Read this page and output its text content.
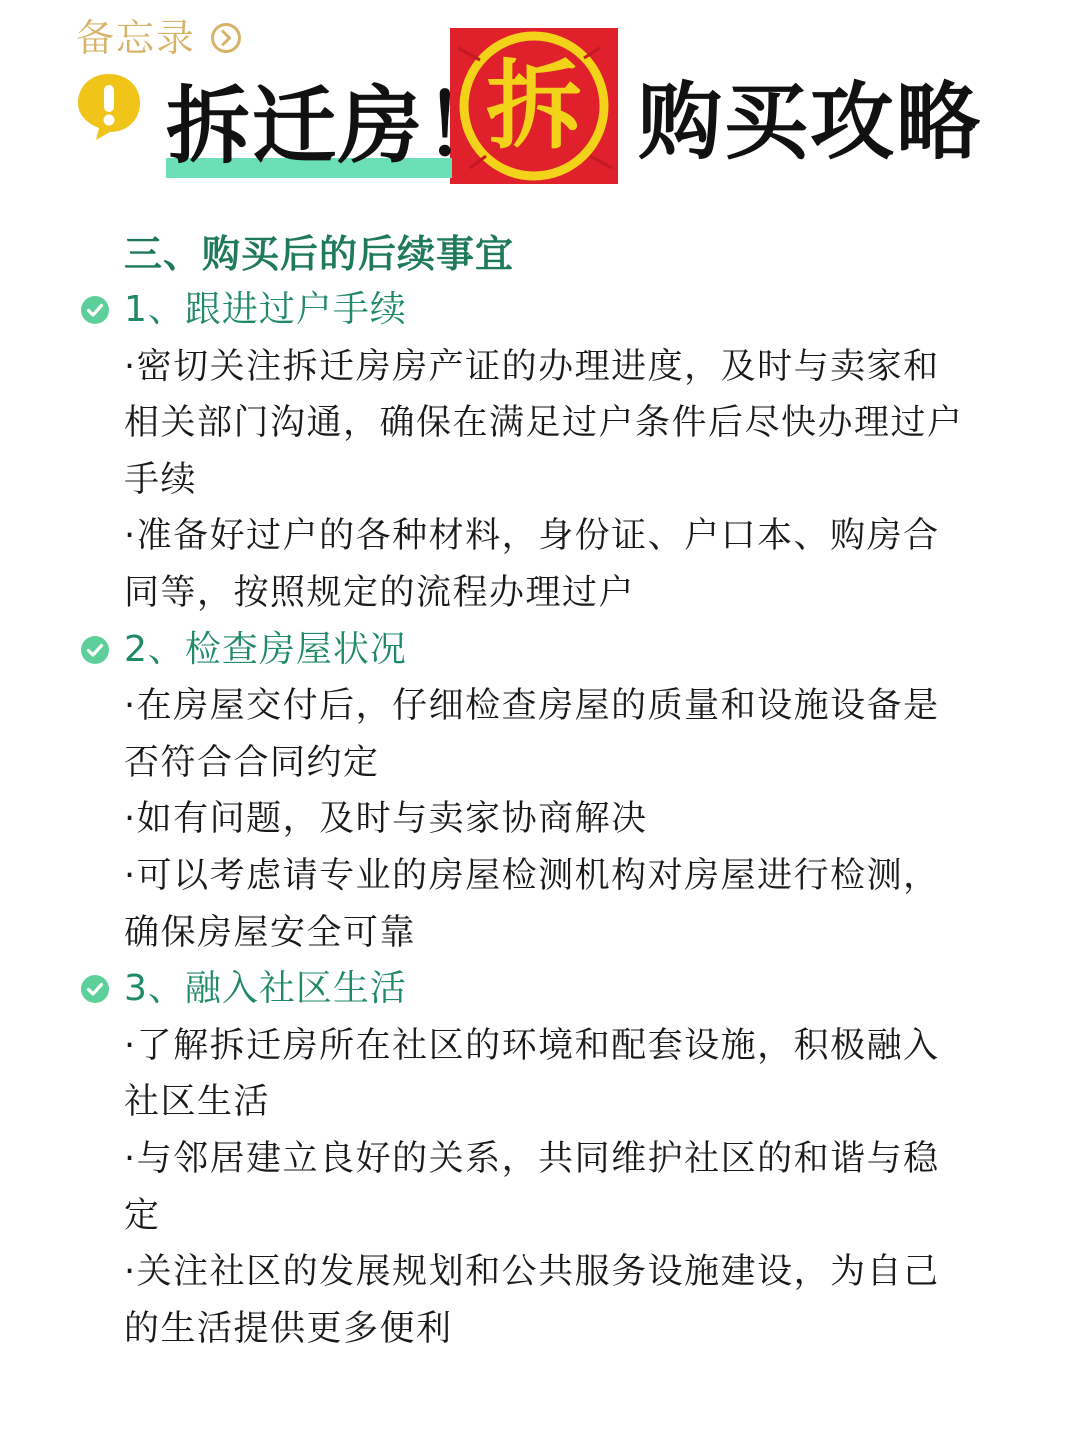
备忘录
拆迁房！
拆 购买攻略
三、购买后的后续事宜
1、跟进过户手续

·密切关注拆迁房房产证的办理进度，及时与卖家和相关部门沟通，确保在满足过户条件后尽快办理过户手续

·准备好过户的各种材料，身份证、户口本、购房合同等，按照规定的流程办理过户

2、检查房屋状况

·在房屋交付后，仔细检查房屋的质量和设施设备是否符合合同约定

·如有问题，及时与卖家协商解决

·可以考虑请专业的房屋检测机构对房屋进行检测，确保房屋安全可靠

3、融入社区生活

·了解拆迁房所在社区的环境和配套设施，积极融入社区生活

·与邻居建立良好的关系，共同维护社区的和谐与稳定

·关注社区的发展规划和公共服务设施建设，为自己的生活提供更多便利
